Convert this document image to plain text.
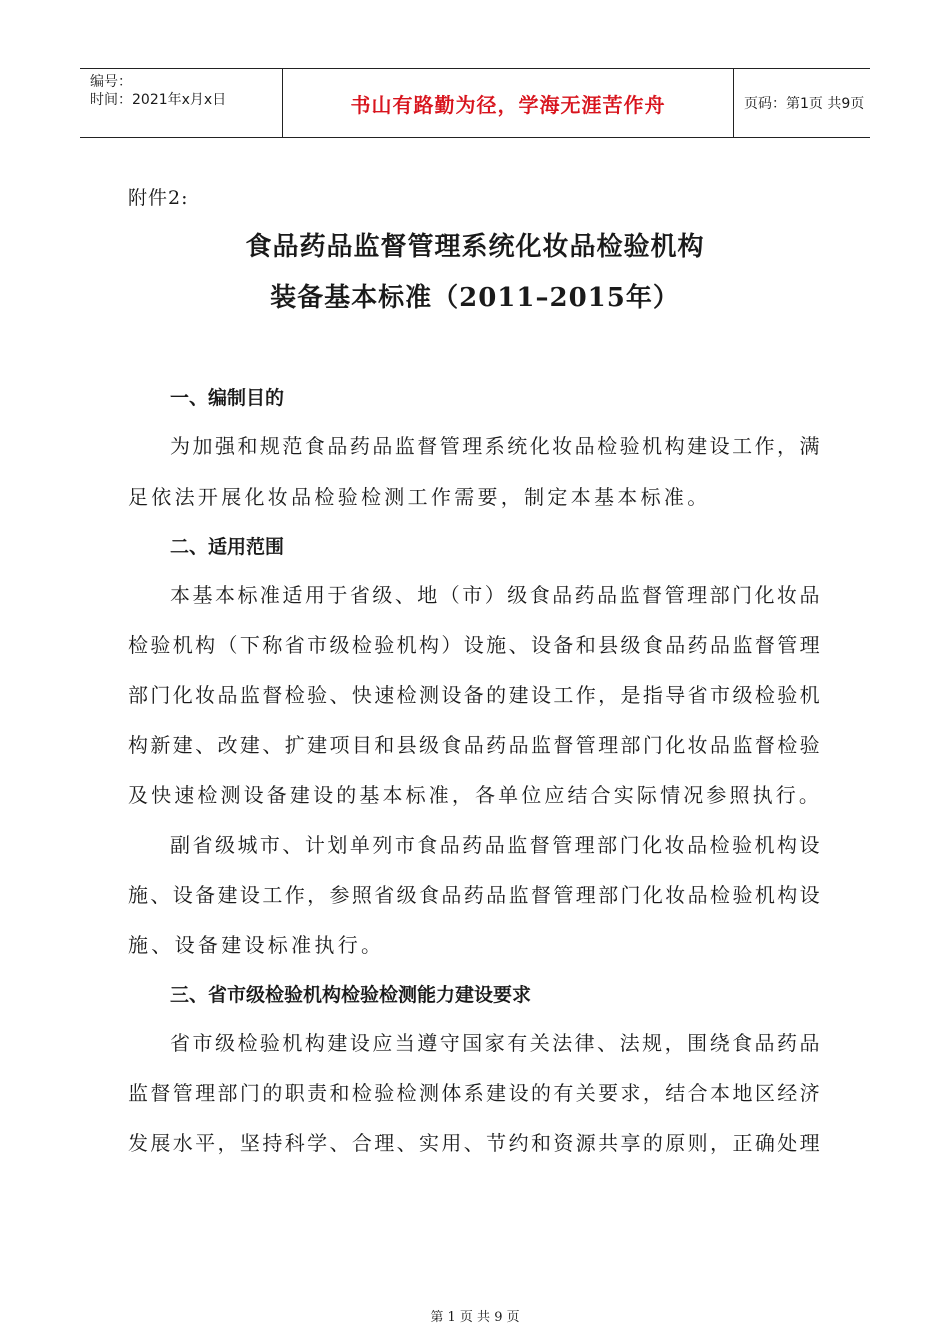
编号：
时间：2021年x月x日	书山有路勤为径，学海无涯苦作舟	页码：第1页 共9页
附件2:
食品药品监督管理系统化妆品检验机构
装备基本标准（2011–2015年）
一、编制目的
为加强和规范食品药品监督管理系统化妆品检验机构建设工作，满
足依法开展化妆品检验检测工作需要，制定本基本标准。
二、适用范围
本基本标准适用于省级、地（市）级食品药品监督管理部门化妆品
检验机构（下称省市级检验机构）设施、设备和县级食品药品监督管理
部门化妆品监督检验、快速检测设备的建设工作，是指导省市级检验机
构新建、改建、扩建项目和县级食品药品监督管理部门化妆品监督检验
及快速检测设备建设的基本标准，各单位应结合实际情况参照执行。
副省级城市、计划单列市食品药品监督管理部门化妆品检验机构设
施、设备建设工作，参照省级食品药品监督管理部门化妆品检验机构设
施、设备建设标准执行。
三、省市级检验机构检验检测能力建设要求
省市级检验机构建设应当遵守国家有关法律、法规，围绕食品药品
监督管理部门的职责和检验检测体系建设的有关要求，结合本地区经济
发展水平，坚持科学、合理、实用、节约和资源共享的原则，正确处理
第 1 页 共 9 页
